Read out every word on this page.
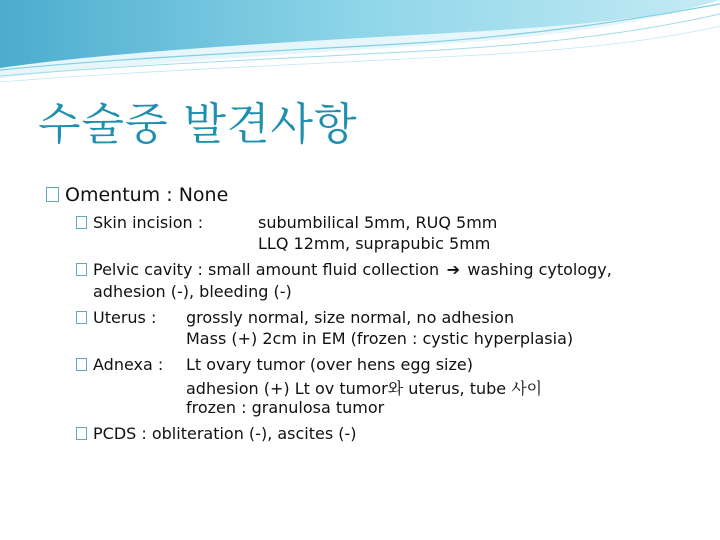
수술중 발견사항
Omentum : None
Skin incision :	subumbilical 5mm, RUQ 5mm
LLQ 12mm, suprapubic 5mm
Pelvic cavity : small amount fluid collection ➔ washing cytology,
adhesion (-), bleeding (-)
Uterus : grossly normal, size normal, no adhesion
Mass (+) 2cm in EM (frozen : cystic hyperplasia)
Adnexa : Lt ovary tumor (over hens egg size)
adhesion (+) Lt ov tumor와 uterus, tube 사이
frozen : granulosa tumor
PCDS : obliteration (-), ascites (-)
